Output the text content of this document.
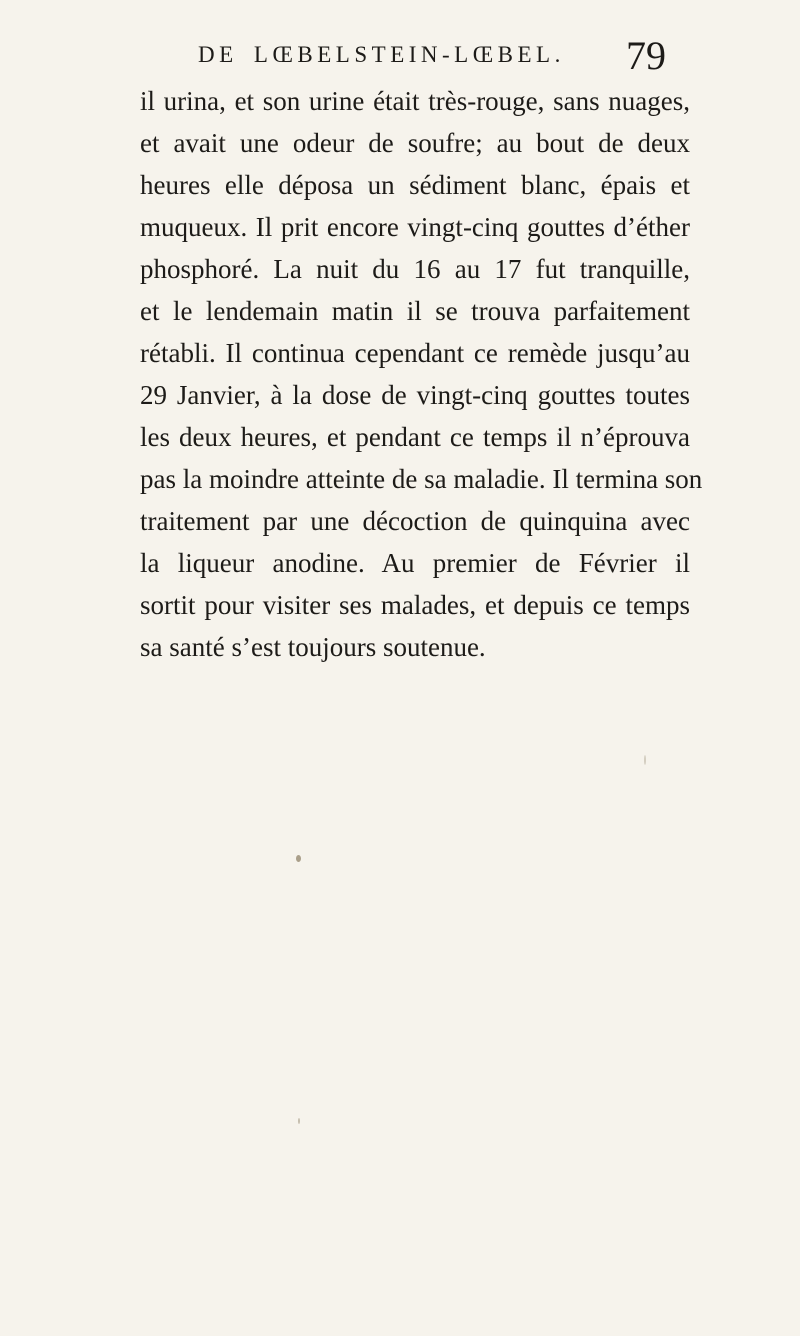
DE LŒBELSTEIN-LŒBEL. 79
il urina, et son urine était très-rouge, sans nuages,
et avait une odeur de soufre; au bout de deux
heures elle déposa un sédiment blanc, épais et
muqueux. Il prit encore vingt-cinq gouttes d’éther
phosphoré. La nuit du 16 au 17 fut tranquille,
et le lendemain matin il se trouva parfaitement
rétabli. Il continua cependant ce remède jusqu’au
29 Janvier, à la dose de vingt-cinq gouttes toutes
les deux heures, et pendant ce temps il n’éprouva
pas la moindre atteinte de sa maladie. Il termina son
traitement par une décoction de quinquina avec
la liqueur anodine. Au premier de Février il
sortit pour visiter ses malades, et depuis ce temps
sa santé s’est toujours soutenue.
